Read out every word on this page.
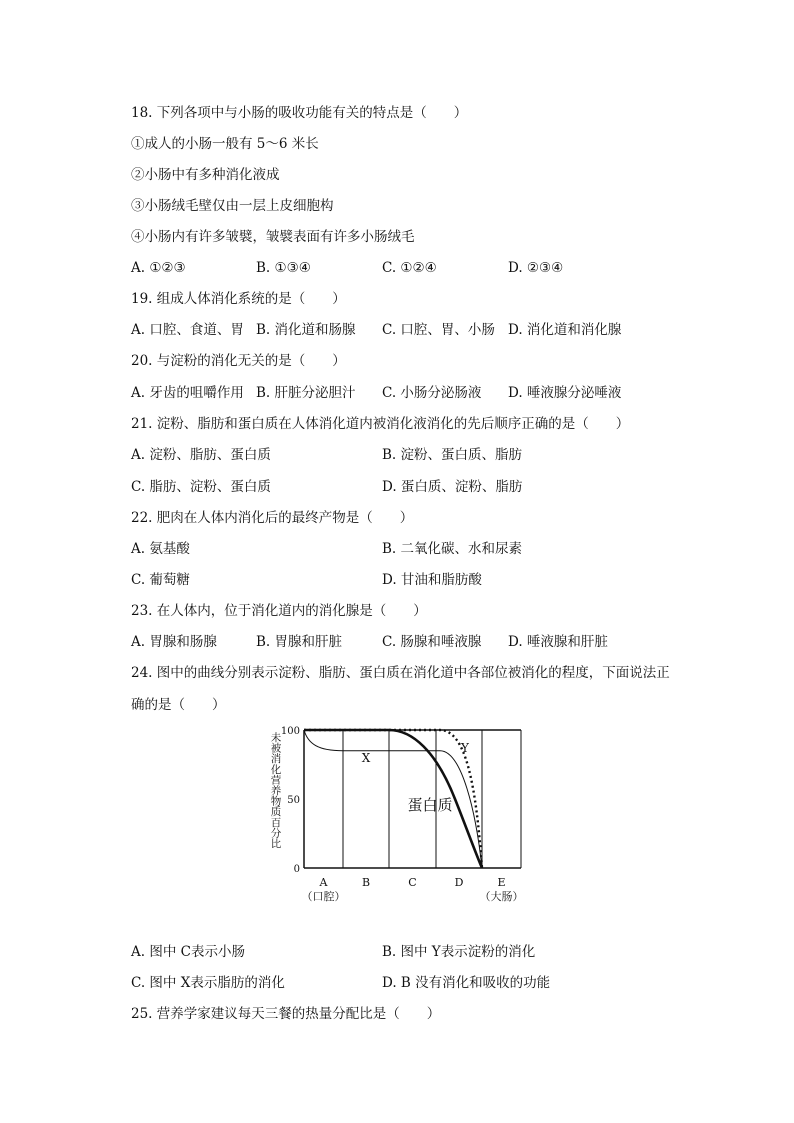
18. 下列各项中与小肠的吸收功能有关的特点是（　　）
①成人的小肠一般有 5～6 米长
②小肠中有多种消化液成
③小肠绒毛壁仅由一层上皮细胞构
④小肠内有许多皱襞，皱襞表面有许多小肠绒毛
A. ①②③	B. ①③④	C. ①②④	D. ②③④
19. 组成人体消化系统的是（　　）
A. 口腔、食道、胃 B. 消化道和肠腺 C. 口腔、胃、小肠 D. 消化道和消化腺
20. 与淀粉的消化无关的是（　　）
A. 牙齿的咀嚼作用 B. 肝脏分泌胆汁 C. 小肠分泌肠液 D. 唾液腺分泌唾液
21. 淀粉、脂肪和蛋白质在人体消化道内被消化液消化的先后顺序正确的是（　　）
A. 淀粉、脂肪、蛋白质	B. 淀粉、蛋白质、脂肪
C. 脂肪、淀粉、蛋白质	D. 蛋白质、淀粉、脂肪
22. 肥肉在人体内消化后的最终产物是（　　）
A. 氨基酸	B. 二氧化碳、水和尿素
C. 葡萄糖	D. 甘油和脂肪酸
23. 在人体内，位于消化道内的消化腺是（　　）
A. 胃腺和肠腺	B. 胃腺和肝脏	C. 肠腺和唾液腺 D. 唾液腺和肝脏
24. 图中的曲线分别表示淀粉、脂肪、蛋白质在消化道中各部位被消化的程度，下面说法正
确的是（　　）
100
50
0
未
被
消
化
营
养
物
质
百
分
比
A
（口腔）
B	C	D	E
（大肠）
X
Y
蛋白质
A. 图中 C表示小肠	B. 图中 Y表示淀粉的消化
C. 图中 X表示脂肪的消化	D. B 没有消化和吸收的功能
25. 营养学家建议每天三餐的热量分配比是（　　）
